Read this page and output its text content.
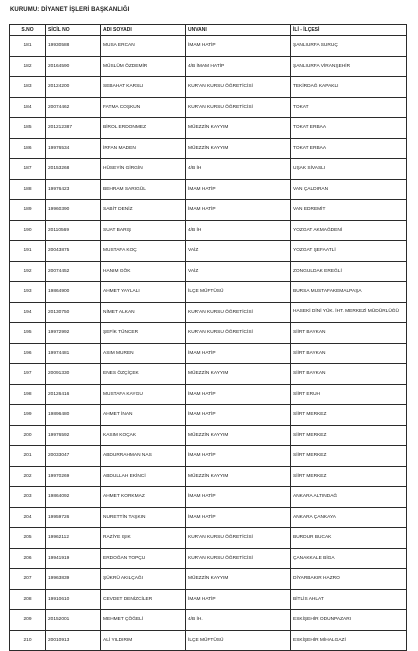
KURUMU: DİYANET İŞLERİ BAŞKANLIĞI
S.NO	SİCİL NO	ADI SOYADI	UNVANI	İLİ - İLÇESİ
181	19930588	MUSA ERCAN	İMAM HATİP	ŞANLIURFA SURUÇ
182	20164590	MÜSLÜM ÖZDEMİR	4/B İMAM HATİP	ŞANLIURFA VİRANŞEHİR
183	20124200	SEBAHAT KARSLI	KUR'AN KURSU ÖĞRETİCİSİ	TEKİRDAĞ KAPAKLI
184	20074462	FATMA COŞKUN	KUR'AN KURSU ÖĞRETİCİSİ	TOKAT
185	201212387	BİROL ERDONMEZ	MÜEZZİN KAYYIM	TOKAT ERBAA
186	19976534	İRFAN MADEN	MÜEZZİN KAYYIM	TOKAT ERBAA
187	20153268	HÜSEYİN GİRGİN	4/B İH	UŞAK SİVASLI
188	19976423	BEHRAM SARIGÜL	İMAM HATİP	VAN ÇALDIRAN
189	19960390	SABİT DENİZ	İMAM HATİP	VAN EDREMİT
190	20110569	SUAT BARIŞ	4/B İH	YOZGAT AKMAĞDENİ
191	20043875	MUSTAFA KOÇ	VAİZ	YOZGAT ŞEFAATLİ
192	20074452	HANIM GÖK	VAİZ	ZONGULDAK EREĞLİ
193	19864900	AHMET YAYLALI	İLÇE MÜFTÜSÜ	BURSA MUSTAFAKEMALPAŞA
194	20130750	NİMET ALKAN	KUR'AN KURSU ÖĞRETİCİSİ	HASEKİ DİNİ YÜK. İHT. MERKEZİ MÜDÜRLÜĞÜ
195	19972992	ŞEFİK TÜNCER	KUR'AN KURSU ÖĞRETİCİSİ	SİİRT BAYKAN
196	19974481	ASIM MUREN	İMAM HATİP	SİİRT BAYKAN
197	20091330	ENES ÖZÇİÇEK	MÜEZZİN KAYYIM	SİİRT BAYKAN
198	20126416	MUSTAFA KAYGU	İMAM HATİP	SİİRT ERUH
199	19896480	AHMET İNAN	İMAM HATİP	SİİRT MERKEZ
200	19976592	KASIM KOÇAK	MÜEZZİN KAYYIM	SİİRT MERKEZ
201	20033047	ABDURRAHMAN NAS	İMAM HATİP	SİİRT MERKEZ
202	19970269	ABDULLAH EKİNCİ	MÜEZZİN KAYYIM	SİİRT MERKEZ
203	19864092	AHMET KORKMAZ	İMAM HATİP	ANKARA ALTINDAĞ
204	19959726	NURETTİN TAŞKIN	İMAM HATİP	ANKARA ÇANKAYA
205	19962112	RAZİYE IŞIK	KUR'AN KURSU ÖĞRETİCİSİ	BURDUR BUCAK
206	19941919	ERDOĞAN TOPÇU	KUR'AN KURSU ÖĞRETİCİSİ	ÇANAKKALE BİGA
207	19963839	ŞÜKRÜ AKILÇAĞI	MÜEZZİN KAYYIM	DİYARBAKIR HAZRO
208	19910610	CEVDET DENİZCİLER	İMAM HATİP	BİTLİS AHLAT
209	20152001	MEHMET ÇÖĞELİ	4/B İH.	ESKİŞEHİR ODUNPAZARI
210	20010913	ALİ YILDIRIM	İLÇE MÜFTÜSÜ	ESKİŞEHİR MİHALGAZİ
